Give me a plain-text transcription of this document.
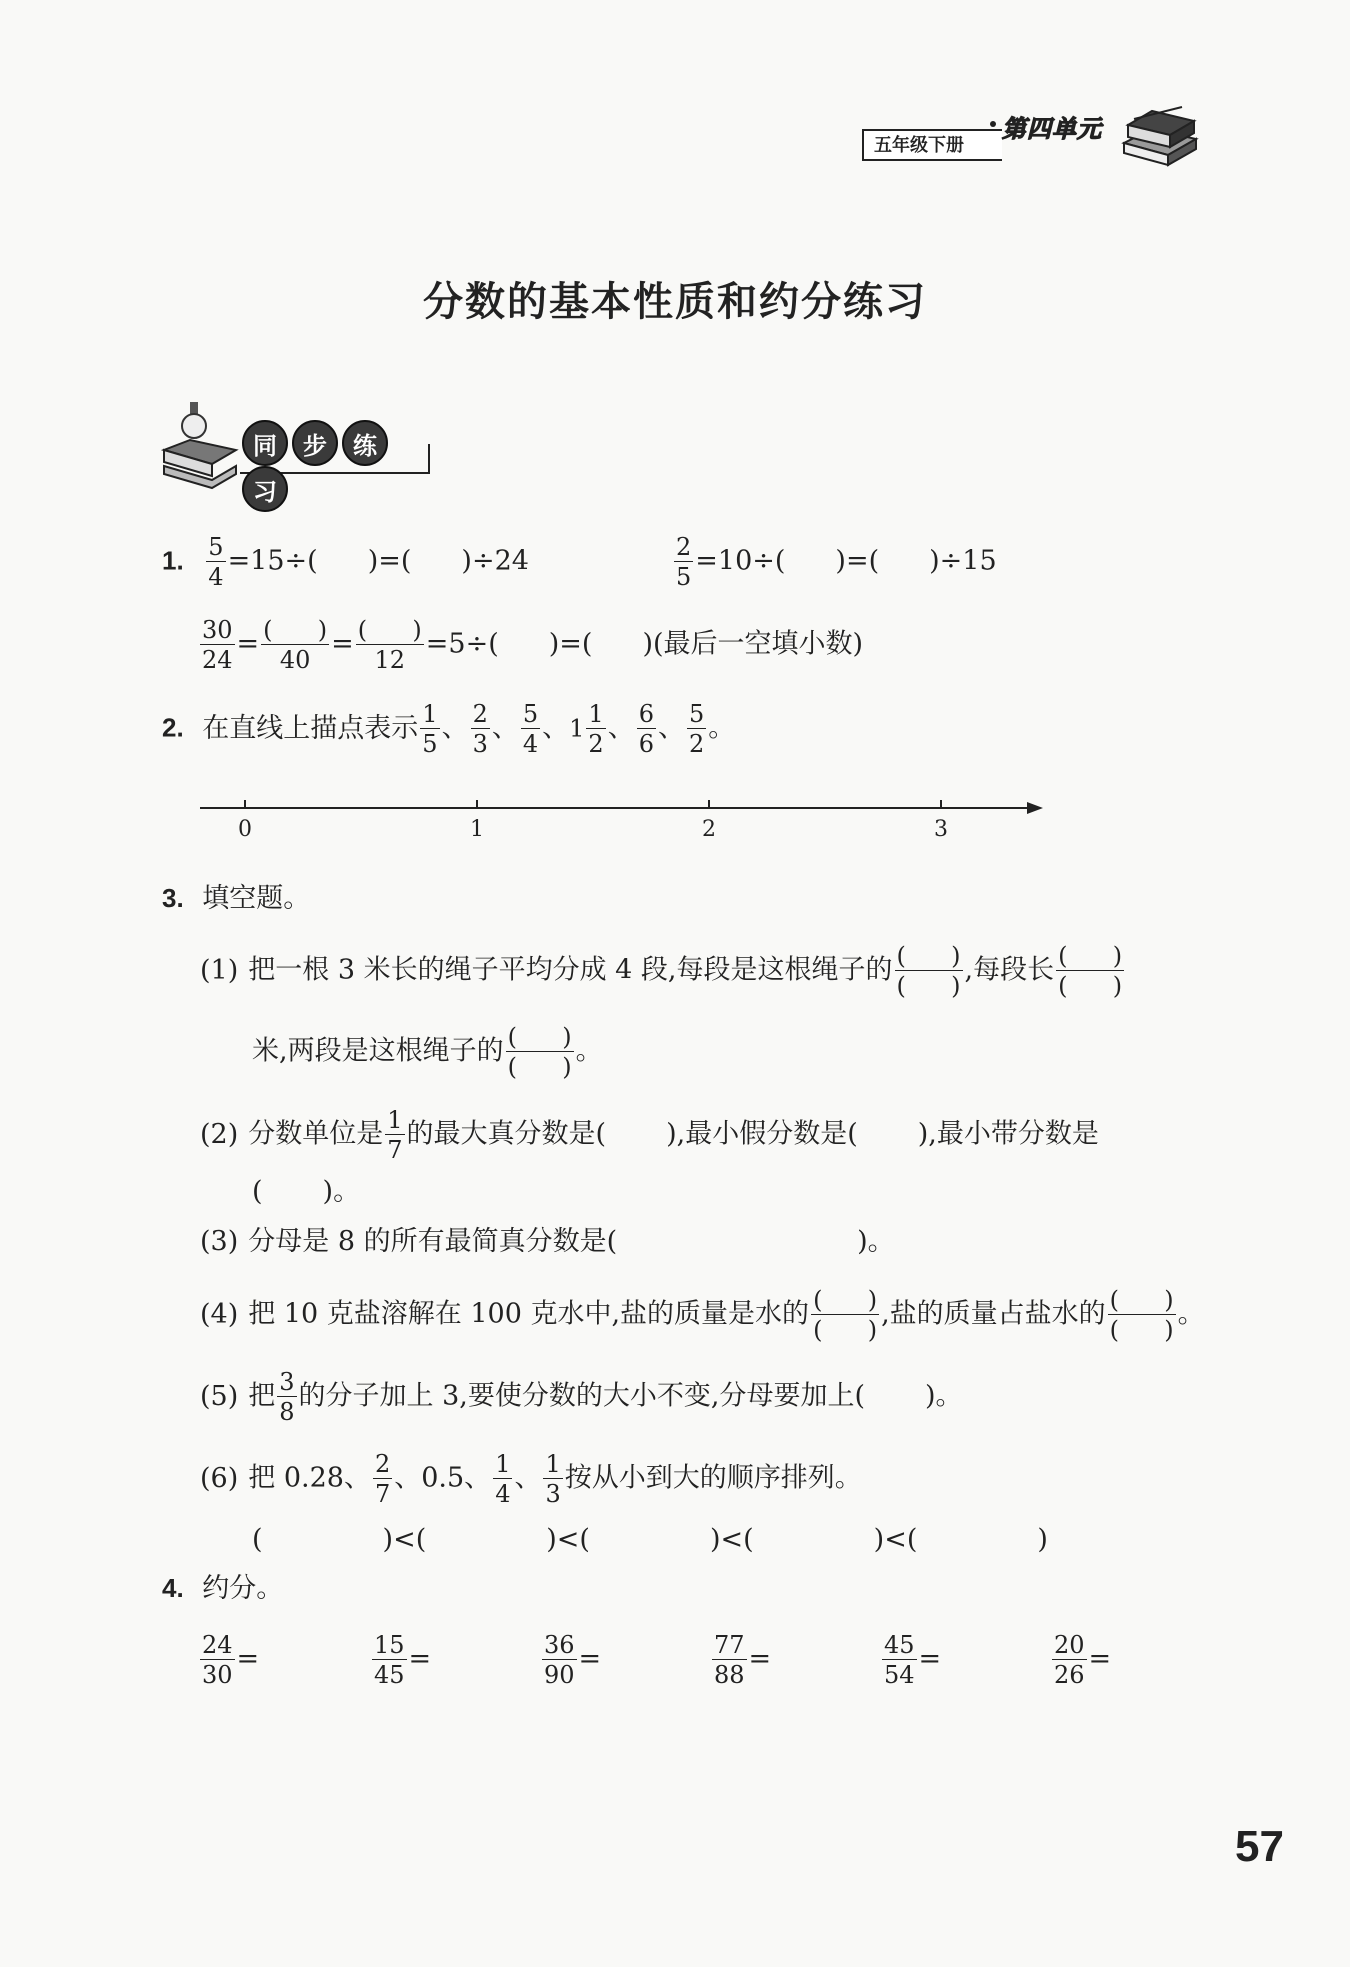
五年级下册
第四单元
分数的基本性质和约分练习
同 步 练习
1. $\frac{5}{4} =15\div$( )=( )÷24	$\frac{2}{5} =10\div$( )=( )÷15
$\frac{30}{24} = \frac{( )}{40} = \frac{( )}{12} =5\div$( )=( )(最后一空填小数)
2. 在直线上描点表示 $\frac{1}{5}$ 、 $\frac{2}{3}$ 、 $\frac{5}{4}$ 、$1 \frac{1}{2}$ 、 $\frac{6}{6}$ 、 $\frac{5}{2}$ 。
0	1	2	3
3. 填空题。
(1) 把一根 3 米长的绳子平均分成 4 段,每段是这根绳子的 $\frac{( )}{( )}$ ,每段长 $\frac{( )}{( )}$
米,两段是这根绳子的 $\frac{( )}{( )}$ 。
(2) 分数单位是 $\frac{1}{7}$ 的最大真分数是( ),最小假分数是( ),最小带分数是
( )。
(3) 分母是 8 的所有最简真分数是(	)。
(4) 把 10 克盐溶解在 100 克水中,盐的质量是水的 $\frac{( )}{( )}$ ,盐的质量占盐水的 $\frac{( )}{( )}$ 。
(5) 把 $\frac{3}{8}$ 的分子加上 3,要使分数的大小不变,分母要加上( )。
(6) 把 0.28、 $\frac{2}{7}$ 、0.5、 $\frac{1}{4}$ 、 $\frac{1}{3}$ 按从小到大的顺序排列。
(	)<(	)<(	)<(	)<(	)
4. 约分。
$\frac{24}{30}$ =	$\frac{15}{45}$ =	$\frac{36}{90}$ =	$\frac{77}{88}$ =	$\frac{45}{54}$ =	$\frac{20}{26}$ =
57
